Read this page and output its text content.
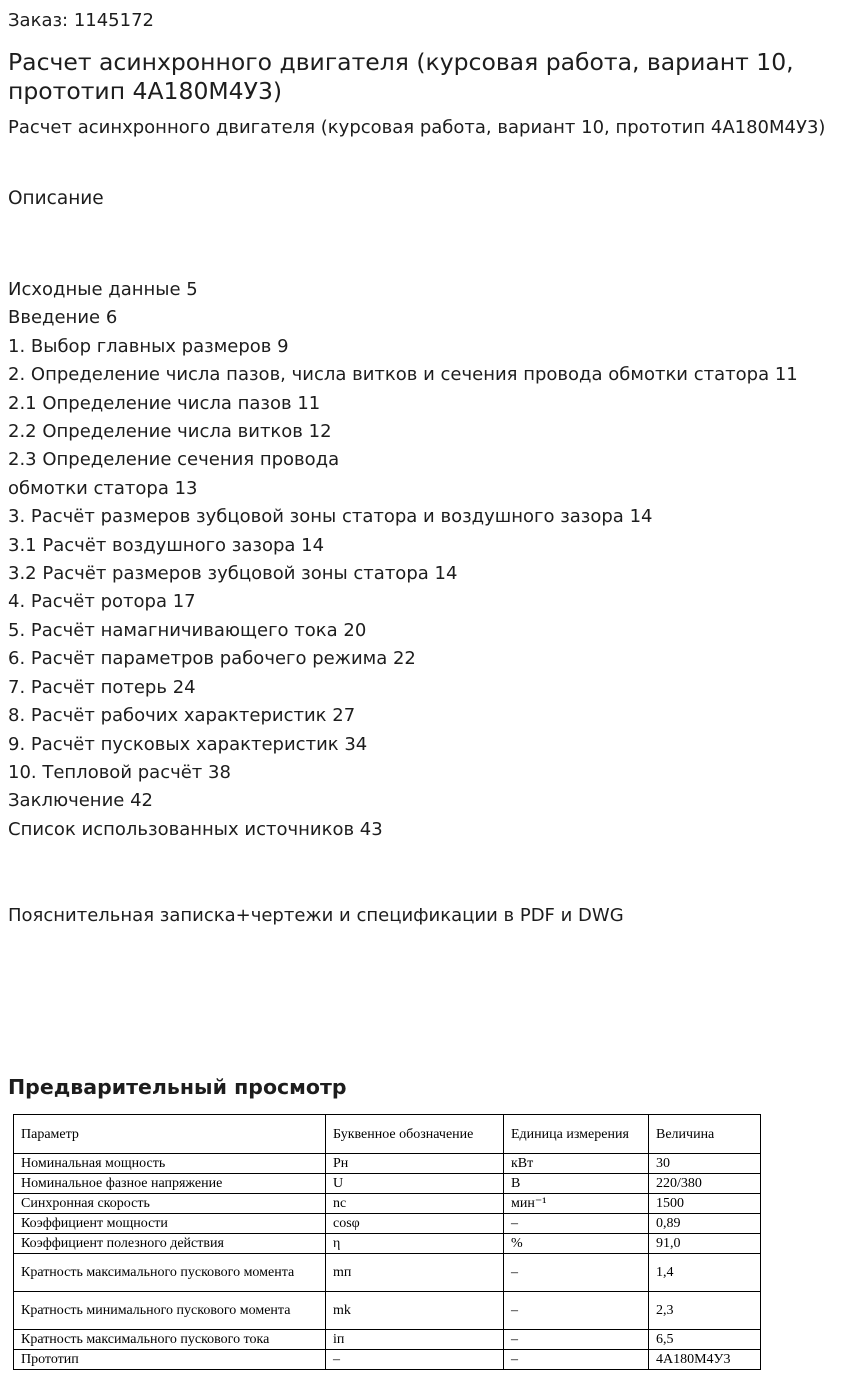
Заказ: 1145172
Расчет асинхронного двигателя (курсовая работа, вариант 10, прототип 4А180М4У3)
Расчет асинхронного двигателя (курсовая работа, вариант 10, прототип 4А180М4У3)
Описание
Исходные данные 5
Введение 6
1. Выбор главных размеров 9
2. Определение числа пазов, числа витков и сечения провода обмотки статора 11
2.1 Определение числа пазов 11
2.2 Определение числа витков 12
2.3 Определение сечения провода
обмотки статора 13
3. Расчёт размеров зубцовой зоны статора и воздушного зазора 14
3.1 Расчёт воздушного зазора 14
3.2 Расчёт размеров зубцовой зоны статора 14
4. Расчёт ротора 17
5. Расчёт намагничивающего тока 20
6. Расчёт параметров рабочего режима 22
7. Расчёт потерь 24
8. Расчёт рабочих характеристик 27
9. Расчёт пусковых характеристик 34
10. Тепловой расчёт 38
Заключение 42
Список использованных источников 43
Пояснительная записка+чертежи и спецификации в PDF и DWG
Предварительный просмотр
Параметр	Буквенное обозначение	Единица измерения	Величина
Номинальная мощность	Pн	кВт	30
Номинальное фазное напряжение	U	В	220/380
Синхронная скорость	nc	мин⁻¹	1500
Коэффициент мощности	cosφ	–	0,89
Коэффициент полезного действия	η	%	91,0
Кратность максимального пускового момента	mп	–	1,4
Кратность минимального пускового момента	mk	–	2,3
Кратность максимального пускового тока	iп	–	6,5
Прототип	–	–	4А180М4У3
